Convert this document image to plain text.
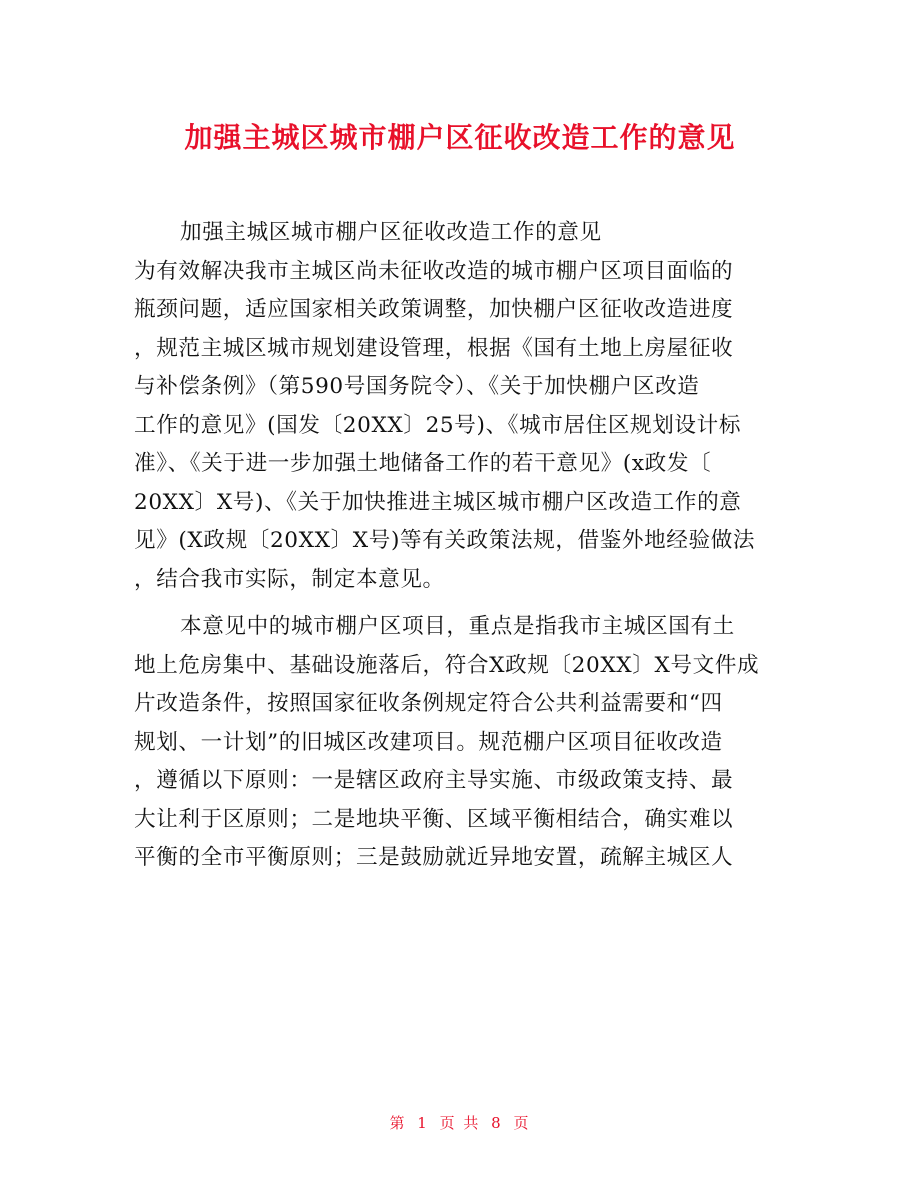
加强主城区城市棚户区征收改造工作的意见
加强主城区城市棚户区征收改造工作的意见
为有效解决我市主城区尚未征收改造的城市棚户区项目面临的
瓶颈问题，适应国家相关政策调整，加快棚户区征收改造进度
，规范主城区城市规划建设管理，根据《国有土地上房屋征收
与补偿条例》（第590号国务院令）、《关于加快棚户区改造
工作的意见》(国发〔20XX〕25号)、《城市居住区规划设计标
准》、《关于进一步加强土地储备工作的若干意见》(x政发〔
20XX〕X号)、《关于加快推进主城区城市棚户区改造工作的意
见》(X政规〔20XX〕X号)等有关政策法规，借鉴外地经验做法
，结合我市实际，制定本意见。
本意见中的城市棚户区项目，重点是指我市主城区国有土
地上危房集中、基础设施落后，符合X政规〔20XX〕X号文件成
片改造条件，按照国家征收条例规定符合公共利益需要和“四
规划、一计划”的旧城区改建项目。规范棚户区项目征收改造
，遵循以下原则：一是辖区政府主导实施、市级政策支持、最
大让利于区原则；二是地块平衡、区域平衡相结合，确实难以
平衡的全市平衡原则；三是鼓励就近异地安置，疏解主城区人
第 1 页 共 8 页
